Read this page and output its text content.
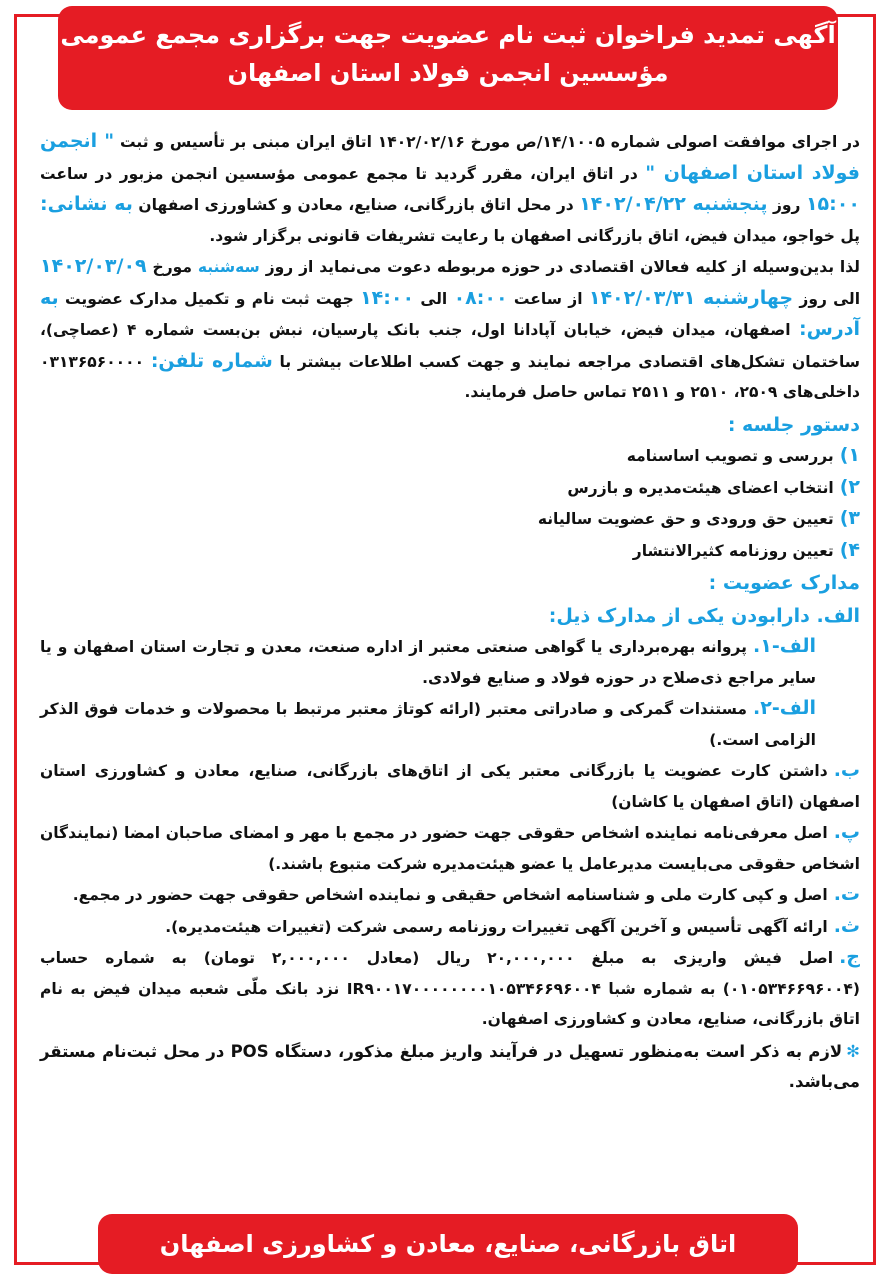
آگهی تمدید فراخوان ثبت نام عضویت جهت برگزاری مجمع عمومی
مؤسسین انجمن فولاد استان اصفهان

در اجرای موافقت اصولی شماره ۱۴/۱۰۰۵/ص مورخ ۱۴۰۲/۰۲/۱۶ اتاق ایران مبنی بر تأسیس و ثبت " انجمن فولاد استان اصفهان " در اتاق ایران، مقرر گردید تا مجمع عمومی مؤسسین انجمن مزبور در ساعت ۱۵:۰۰ روز پنجشنبه ۱۴۰۲/۰۴/۲۲ در محل اتاق بازرگانی، صنایع، معادن و کشاورزی اصفهان به نشانی: پل خواجو، میدان فیض، اتاق بازرگانی اصفهان با رعایت تشریفات قانونی برگزار شود.

لذا بدین‌وسیله از کلیه فعالان اقتصادی در حوزه مربوطه دعوت می‌نماید از روز سه‌شنبه مورخ ۱۴۰۲/۰۳/۰۹ الی روز چهارشنبه ۱۴۰۲/۰۳/۳۱ از ساعت ۰۸:۰۰ الی ۱۴:۰۰ جهت ثبت نام و تکمیل مدارک عضویت به آدرس: اصفهان، میدان فیض، خیابان آپادانا اول، جنب بانک پارسیان، نبش بن‌بست شماره ۴ (عصاچی)، ساختمان تشکل‌های اقتصادی مراجعه نمایند و جهت کسب اطلاعات بیشتر با شماره تلفن: ۰۳۱۳۶۵۶۰۰۰۰ داخلی‌های ۲۵۰۹، ۲۵۱۰ و ۲۵۱۱ تماس حاصل فرمایند.

دستور جلسه :

۱)بررسی و تصویب اساسنامه

۲)انتخاب اعضای هیئت‌مدیره و بازرس

۳)تعیین حق ورودی و حق عضویت سالیانه

۴)تعیین روزنامه کثیرالانتشار

مدارک عضویت :
الف. دارابودن یکی از مدارک ذیل:

الف-۱.پروانه بهره‌برداری یا گواهی صنعتی معتبر از اداره صنعت، معدن و تجارت استان اصفهان و یا سایر مراجع ذی‌صلاح در حوزه فولاد و صنایع فولادی.

الف-۲.مستندات گمرکی و صادراتی معتبر (ارائه کوتاژ معتبر مرتبط با محصولات و خدمات فوق الذکر الزامی است.)

ب.داشتن کارت عضویت یا بازرگانی معتبر یکی از اتاق‌های بازرگانی، صنایع، معادن و کشاورزی استان اصفهان (اتاق اصفهان یا کاشان)

پ.اصل معرفی‌نامه نماینده اشخاص حقوقی جهت حضور در مجمع با مهر و امضای صاحبان امضا (نمایندگان اشخاص حقوقی می‌بایست مدیرعامل یا عضو هیئت‌مدیره شرکت متبوع باشند.)

ت.اصل و کپی کارت ملی و شناسنامه اشخاص حقیقی و نماینده اشخاص حقوقی جهت حضور در مجمع.

ث.ارائه آگهی تأسیس و آخرین آگهی تغییرات روزنامه رسمی شرکت (تغییرات هیئت‌مدیره).

ج.اصل فیش واریزی به مبلغ ۲۰,۰۰۰,۰۰۰ ریال (معادل ۲,۰۰۰,۰۰۰ تومان) به شماره حساب (۰۱۰۵۳۴۶۶۹۶۰۰۴) به شماره شبا IR۹۰۰۱۷۰۰۰۰۰۰۰۰۱۰۵۳۴۶۶۹۶۰۰۴ نزد بانک ملّی شعبه میدان فیض به نام اتاق بازرگانی، صنایع، معادن و کشاورزی اصفهان.

✻لازم به ذکر است به‌منظور تسهیل در فرآیند واریز مبلغ مذکور، دستگاه POS در محل ثبت‌نام مستقر می‌باشد.

اتاق بازرگانی، صنایع، معادن و کشاورزی اصفهان
